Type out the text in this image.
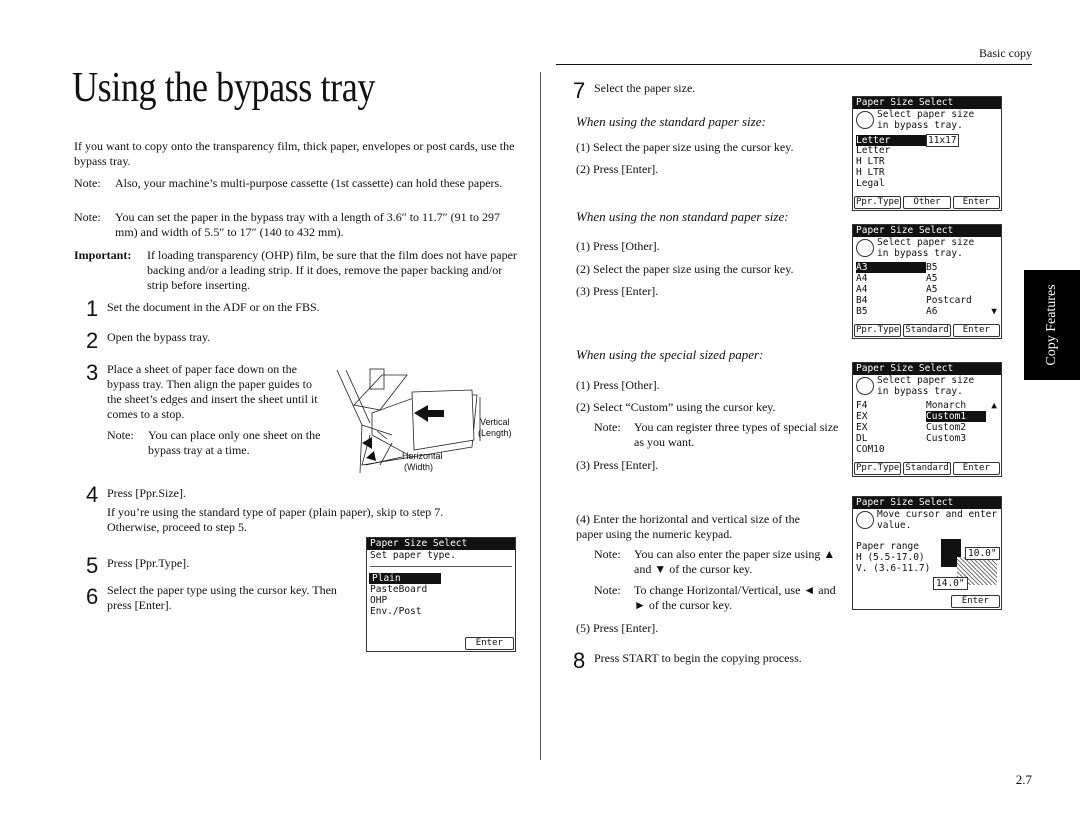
Basic copy
Using the bypass tray
Copy Features
2.7

If you want to copy onto the transparency film, thick paper, envelopes or post cards, use the bypass tray.

Note: Also, your machine’s multi-purpose cassette (1st cassette) can hold these papers.

Note: You can set the paper in the bypass tray with a length of 3.6″ to 11.7″ (91 to 297 mm) and width of 5.5″ to 17″ (140 to 432 mm).

Important: If loading transparency (OHP) film, be sure that the film does not have paper backing and/or a leading strip. If it does, remove the paper backing and/or strip before inserting.

1 Set the document in the ADF or on the FBS.

2 Open the bypass tray.

3 Place a sheet of paper face down on the bypass tray. Then align the paper guides to the sheet’s edges and insert the sheet until it comes to a stop.

Note: You can place only one sheet on the bypass tray at a time.

Vertical
(Length)
Horizontal
(Width)
4 Press [Ppr.Size].

If you’re using the standard type of paper (plain paper), skip to step 7. Otherwise, proceed to step 5.

5 Press [Ppr.Type].

6 Select the paper type using the cursor key. Then press [Enter].

Paper Size Select
Set paper type.
Plain
PasteBoard
OHP
Env./Post
Enter
7 Select the paper size.

When using the standard paper size:

(1) Select the paper size using the cursor key.

(2) Press [Enter].

When using the non standard paper size:

(1) Press [Other].

(2) Select the paper size using the cursor key.

(3) Press [Enter].

When using the special sized paper:

(1) Press [Other].

(2) Select “Custom” using the cursor key.

Note: You can register three types of special size as you want.

(3) Press [Enter].

(4) Enter the horizontal and vertical size of the paper using the numeric keypad.

Note: You can also enter the paper size using ▲ and ▼ of the cursor key.

Note: To change Horizontal/Vertical, use ◄ and ► of the cursor key.

(5) Press [Enter].

8 Press START to begin the copying process.

Paper Size Select
Select paper size
in bypass tray.
Letter	11x17
Letter
H LTR
H LTR
Legal
Ppr.Type	Other	Enter
Paper Size Select
Select paper size
in bypass tray.
A3	B5
A4	A5
A4	A5
B4	Postcard
B5	A6	▼
Ppr.Type Standard	Enter
Paper Size Select
Select paper size
in bypass tray.
F4	Monarch	▲
EX	Custom1
EX	Custom2
DL	Custom3
COM10
Ppr.Type Standard	Enter
Paper Size Select
Move cursor and enter
value.
Paper range
H (5.5-17.0)
V. (3.6-11.7)
10.0"
14.0"
Enter
